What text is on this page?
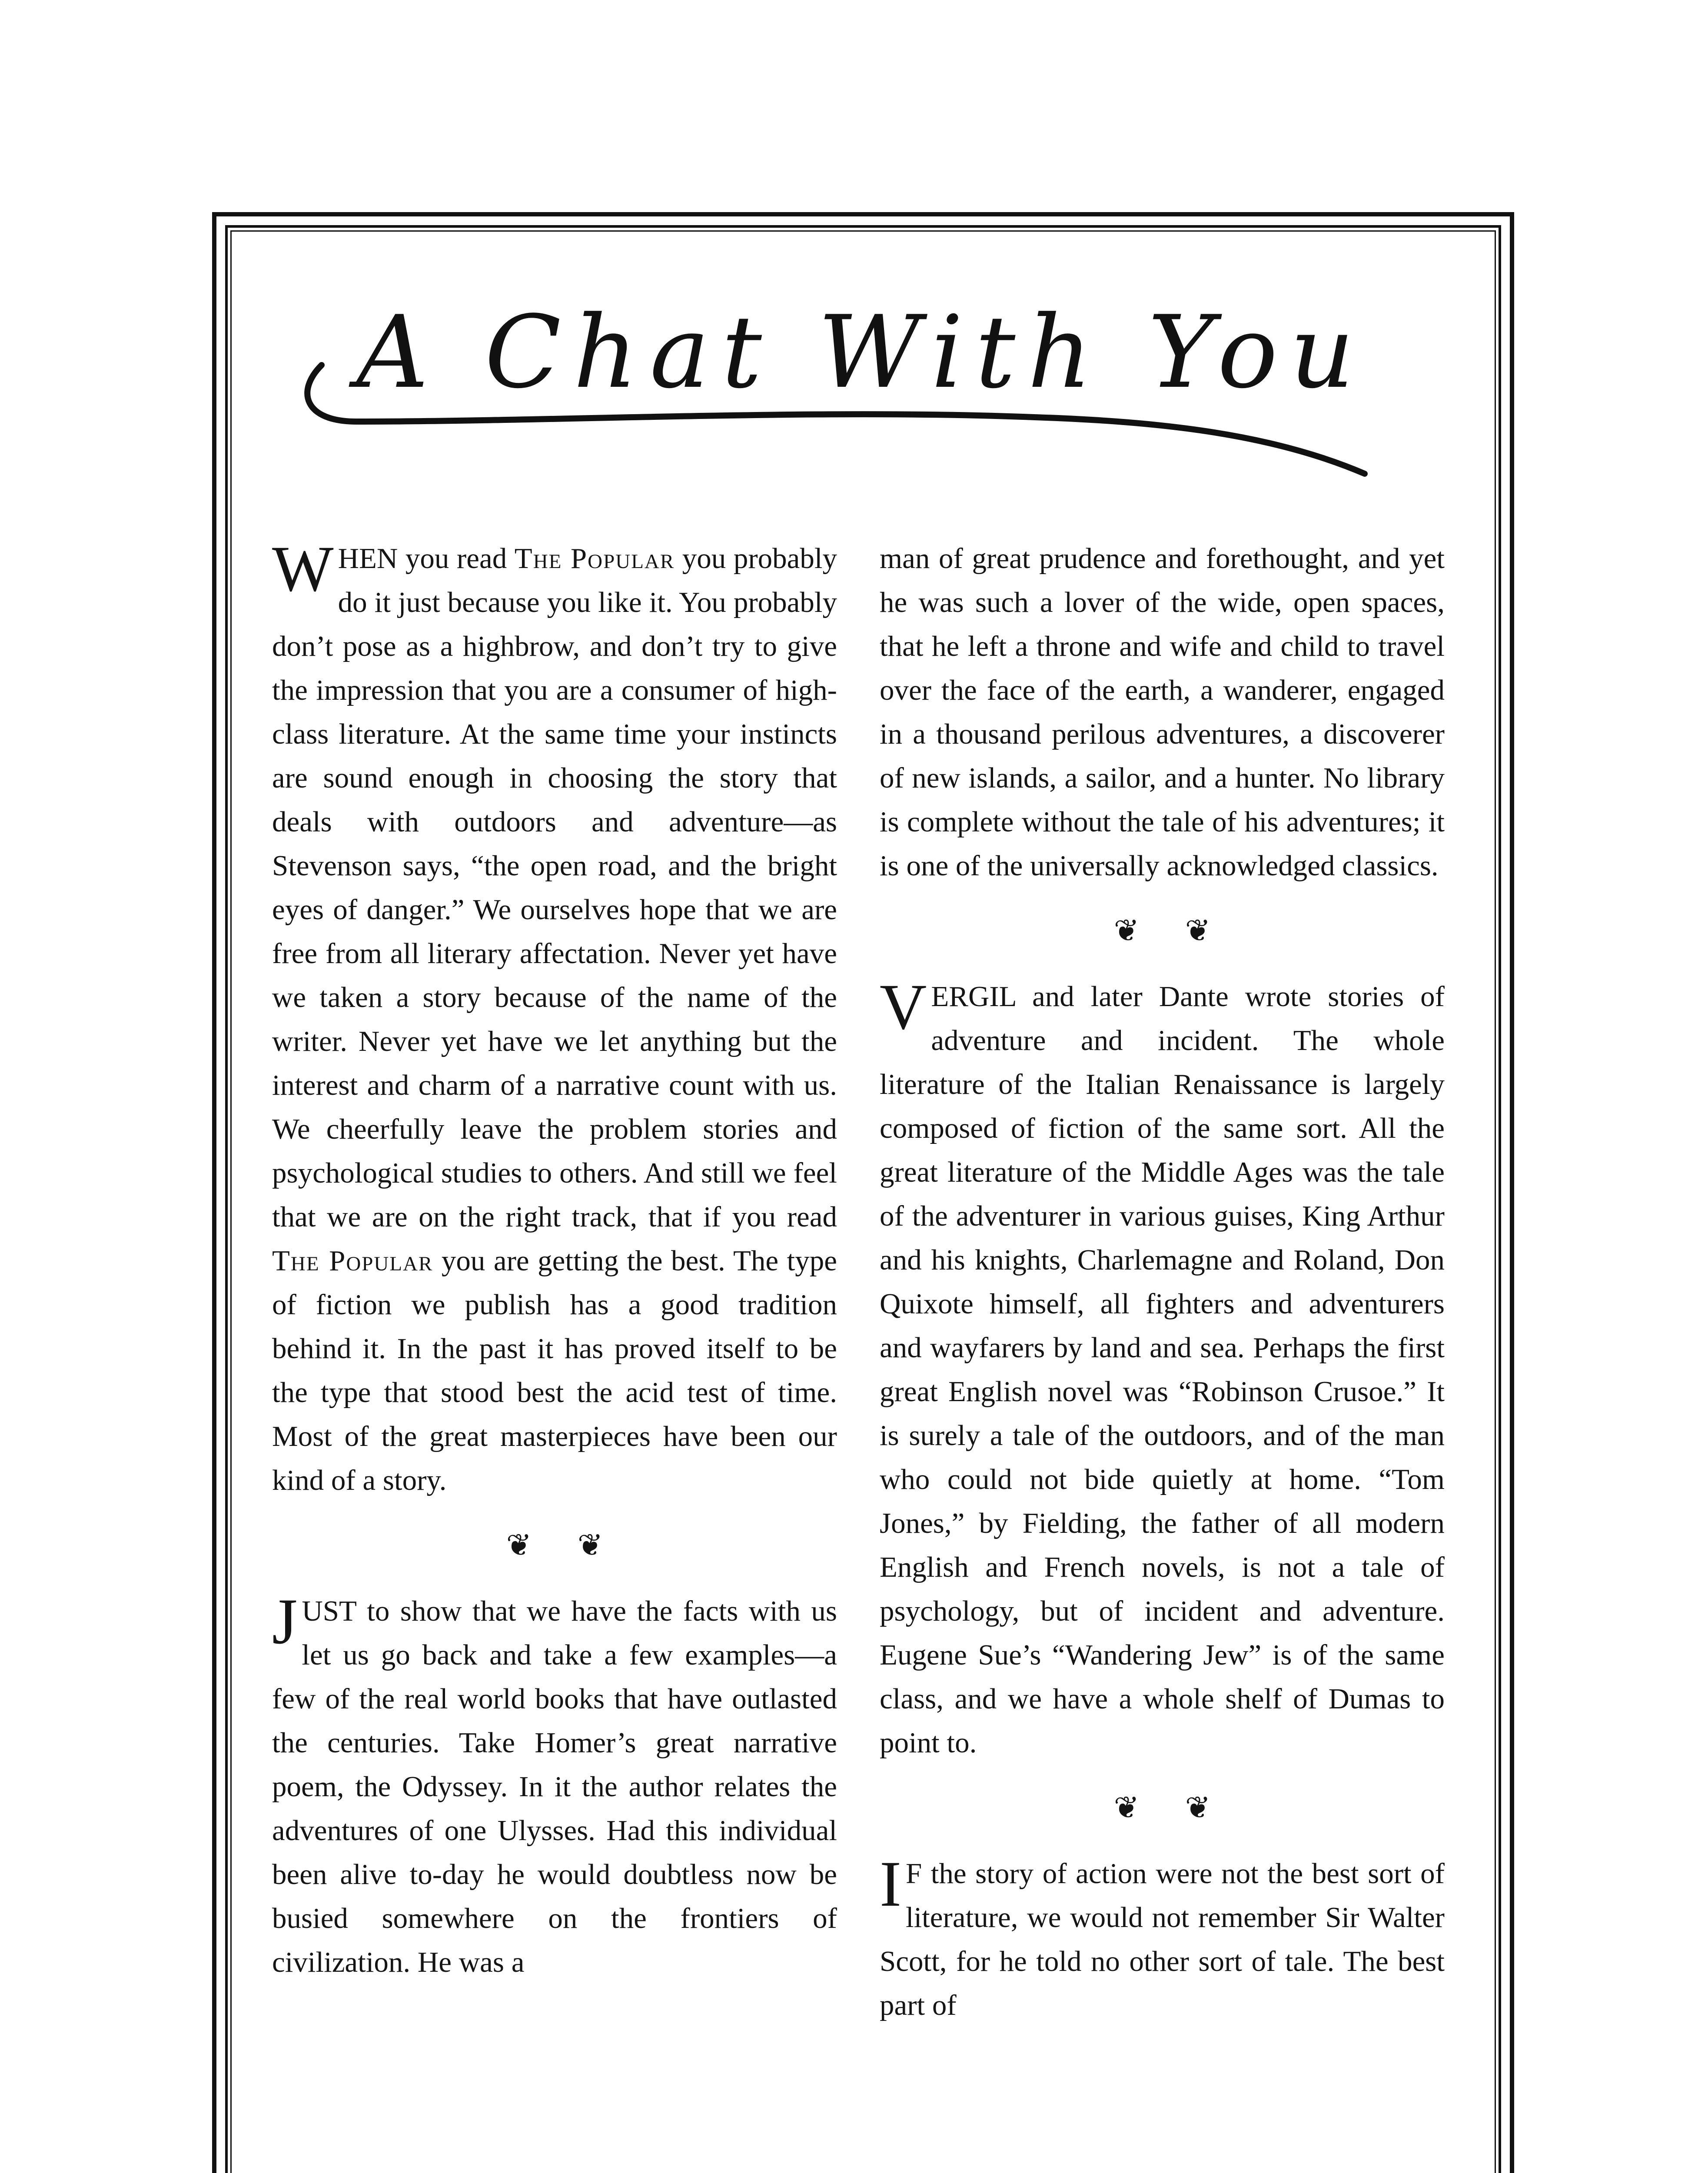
A Chat With You

WHEN you read The Popular you probably do it just because you like it. You probably don’t pose as a highbrow, and don’t try to give the impression that you are a consumer of high-class literature. At the same time your instincts are sound enough in choosing the story that deals with outdoors and adventure—as Stevenson says, “the open road, and the bright eyes of danger.” We ourselves hope that we are free from all literary affectation. Never yet have we taken a story because of the name of the writer. Never yet have we let anything but the interest and charm of a narrative count with us. We cheerfully leave the problem stories and psychological studies to others. And still we feel that we are on the right track, that if you read The Popular you are getting the best. The type of fiction we publish has a good tradition behind it. In the past it has proved itself to be the type that stood best the acid test of time. Most of the great masterpieces have been our kind of a story.

❦ ❦

JUST to show that we have the facts with us let us go back and take a few examples—a few of the real world books that have outlasted the centuries. Take Homer’s great narrative poem, the Odyssey. In it the author relates the adventures of one Ulysses. Had this individual been alive to-day he would doubtless now be busied somewhere on the frontiers of civilization. He was a

man of great prudence and forethought, and yet he was such a lover of the wide, open spaces, that he left a throne and wife and child to travel over the face of the earth, a wanderer, engaged in a thousand perilous adventures, a discoverer of new islands, a sailor, and a hunter. No library is complete without the tale of his adventures; it is one of the universally acknowledged classics.

❦ ❦

VERGIL and later Dante wrote stories of adventure and incident. The whole literature of the Italian Renaissance is largely composed of fiction of the same sort. All the great literature of the Middle Ages was the tale of the adventurer in various guises, King Arthur and his knights, Charlemagne and Roland, Don Quixote himself, all fighters and adventurers and wayfarers by land and sea. Perhaps the first great English novel was “Robinson Crusoe.” It is surely a tale of the outdoors, and of the man who could not bide quietly at home. “Tom Jones,” by Fielding, the father of all modern English and French novels, is not a tale of psychology, but of incident and adventure. Eugene Sue’s “Wandering Jew” is of the same class, and we have a whole shelf of Dumas to point to.

❦ ❦

I F the story of action were not the best sort of literature, we would not remember Sir Walter Scott, for he told no other sort of tale. The best part of
